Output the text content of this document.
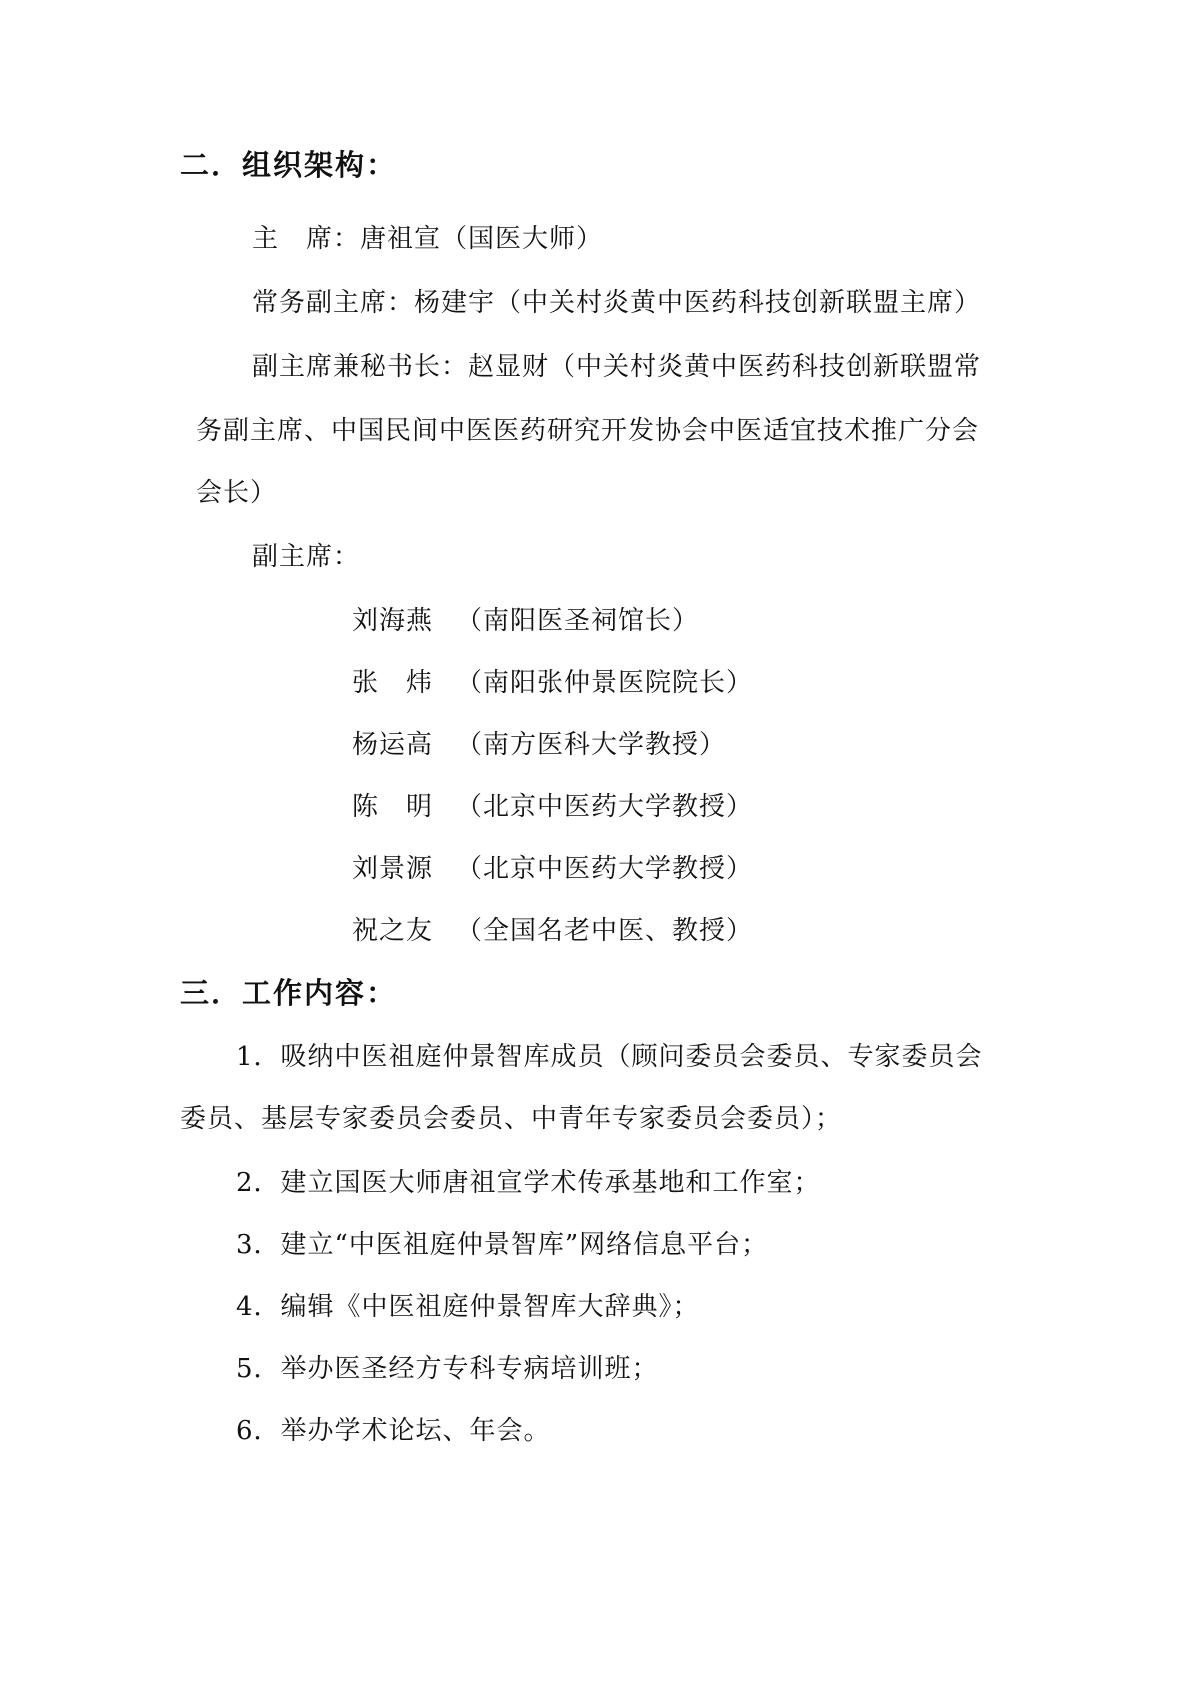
二．组织架构：
主　席：唐祖宣（国医大师）
常务副主席：杨建宇（中关村炎黄中医药科技创新联盟主席）
副主席兼秘书长：赵显财（中关村炎黄中医药科技创新联盟常
务副主席、中国民间中医医药研究开发协会中医适宜技术推广分会
会长）
副主席：
刘海燕 （南阳医圣祠馆长）
张　炜 （南阳张仲景医院院长）
杨运高 （南方医科大学教授）
陈　明 （北京中医药大学教授）
刘景源 （北京中医药大学教授）
祝之友 （全国名老中医、教授）
三．工作内容：
1．吸纳中医祖庭仲景智库成员（顾问委员会委员、专家委员会
委员、基层专家委员会委员、中青年专家委员会委员）；
2．建立国医大师唐祖宣学术传承基地和工作室；
3．建立“中医祖庭仲景智库”网络信息平台；
4．编辑《中医祖庭仲景智库大辞典》；
5．举办医圣经方专科专病培训班；
6．举办学术论坛、年会。
